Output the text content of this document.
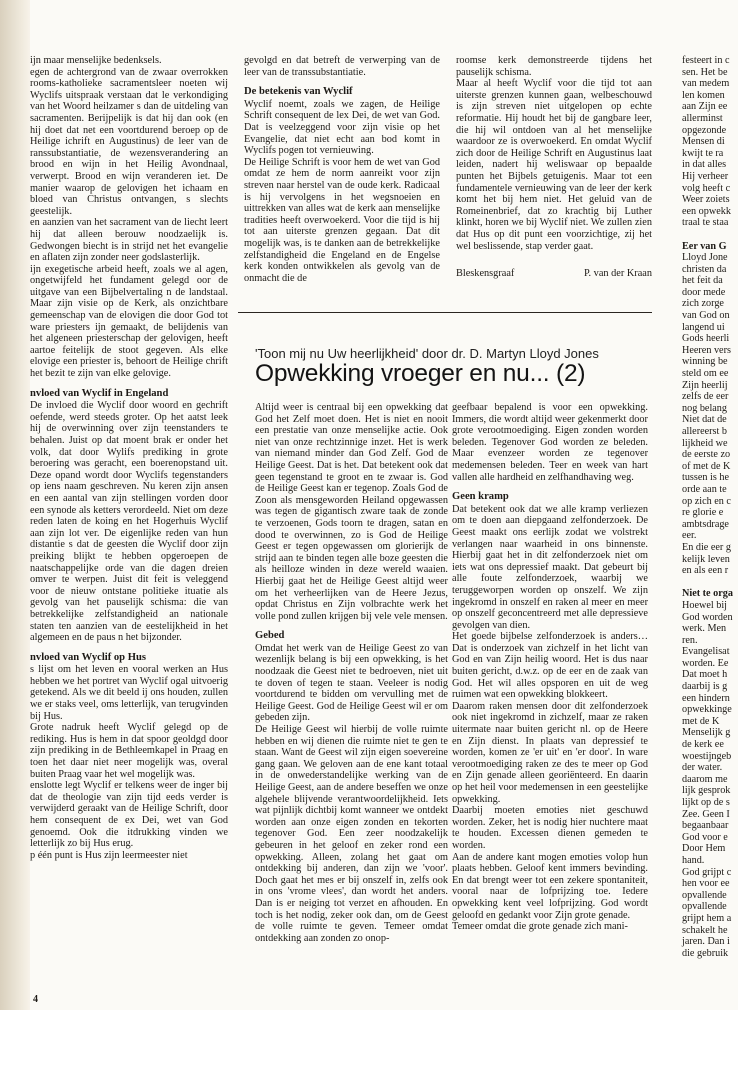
ijn maar menselijke bedenksels.

egen de achtergrond van de zwaar overrokken rooms-katholieke sacramentsleer noeten wij Wyclifs uitspraak verstaan dat le verkondiging van het Woord heilzamer s dan de uitdeling van sacramenten. Berijpelijk is dat hij dan ook (en hij doet dat net een voortdurend beroep op de Heilige ichrift en Augustinus) de leer van de ranssubstantiatie, de wezensverandering an brood en wijn in het Heilig Avondnaal, verwerpt. Brood en wijn veranderen iet. De manier waarop de gelovigen het ichaam en bloed van Christus ontvangen, s slechts geestelijk.

en aanzien van het sacrament van de liecht leert hij dat alleen berouw noodzaelijk is. Gedwongen biecht is in strijd net het evangelie en aflaten zijn zonder neer godslasterlijk.

ijn exegetische arbeid heeft, zoals we al agen, ongetwijfeld het fundament gelegd oor de uitgave van een Bijbelvertaling n de landstaal. Maar zijn visie op de Kerk, als onzichtbare gemeenschap van de elovigen die door God tot ware priesters ijn gemaakt, de belijdenis van het algeneen priesterschap der gelovigen, heeft aartoe feitelijk de stoot gegeven. Als elke elovige een priester is, behoort de Heilige chrift het bezit te zijn van elke gelovige.

nvloed van Wyclif in Engeland

De invloed die Wyclif door woord en gechrift oefende, werd steeds groter. Op het aatst leek hij de overwinning over zijn teenstanders te behalen. Juist op dat moent brak er onder het volk, dat door Wylifs prediking in grote beroering was geracht, een boerenopstand uit. Deze opand wordt door Wyclifs tegenstanders op iens naam geschreven. Nu keren zijn ansen en een aantal van zijn stellingen vorden door een synode als ketters verordeeld. Niet om deze reden laten de koing en het Hogerhuis Wyclif aan zijn lot ver. De eigenlijke reden van hun distantie s dat de geesten die Wyclif door zijn preiking blijkt te hebben opgeroepen de naatschappelijke orde van die dagen dreien omver te werpen. Juist dit feit is veleggend voor de nieuw ontstane politieke ituatie als gevolg van het pauselijk schisma: die van betrekkelijke zelfstandigheid an nationale staten ten aanzien van de eestelijkheid in het algemeen en de paus n het bijzonder.

nvloed van Wyclif op Hus

s lijst om het leven en vooral werken an Hus hebben we het portret van Wyclif ogal uitvoerig getekend. Als we dit beeld ij ons houden, zullen we er staks veel, oms letterlijk, van terugvinden bij Hus.

Grote nadruk heeft Wyclif gelegd op de rediking. Hus is hem in dat spoor geoldgd door zijn prediking in de Bethleemkapel in Praag en toen het daar niet neer mogelijk was, overal buiten Praag vaar het wel mogelijk was.

enslotte legt Wyclif er telkens weer de inger bij dat de theologie van zijn tijd eeds verder is verwijderd geraakt van de Heilige Schrift, door hem consequent de ex Dei, wet van God genoemd. Ook die itdrukking vinden we letterlijk zo bij Hus erug.

p één punt is Hus zijn leermeester niet

gevolgd en dat betreft de verwerping van de leer van de transsubstantiatie.

De betekenis van Wyclif

Wyclif noemt, zoals we zagen, de Heilige Schrift consequent de lex Dei, de wet van God. Dat is veelzeggend voor zijn visie op het Evangelie, dat niet echt aan bod komt in Wyclifs pogen tot vernieuwing.

De Heilige Schrift is voor hem de wet van God omdat ze hem de norm aanreikt voor zijn streven naar herstel van de oude kerk. Radicaal is hij vervolgens in het wegsnoeien en uittrekken van alles wat de kerk aan menselijke tradities heeft overwoekerd. Voor die tijd is hij tot aan uiterste grenzen gegaan. Dat dit mogelijk was, is te danken aan de betrekkelijke zelfstandigheid die Engeland en de Engelse kerk konden ontwikkelen als gevolg van de onmacht die de

roomse kerk demonstreerde tijdens het pauselijk schisma.

Maar al heeft Wyclif voor die tijd tot aan uiterste grenzen kunnen gaan, welbeschouwd is zijn streven niet uitgelopen op echte reformatie. Hij houdt het bij de gangbare leer, die hij wil ontdoen van al het menselijke waardoor ze is overwoekerd. En omdat Wyclif zich door de Heilige Schrift en Augustinus laat leiden, nadert hij weliswaar op bepaalde punten het Bijbels getuigenis. Maar tot een fundamentele vernieuwing van de leer der kerk komt het bij hem niet. Het geluid van de Romeinenbrief, dat zo krachtig bij Luther klinkt, horen we bij Wyclif niet. We zullen zien dat Hus op dit punt een voorzichtige, zij het wel beslissende, stap verder gaat.

Bleskensgraaf	P. van der Kraan
'Toon mij nu Uw heerlijkheid' door dr. D. Martyn Lloyd Jones
Opwekking vroeger en nu... (2)

Altijd weer is centraal bij een opwekking dat God het Zelf moet doen. Het is niet en nooit een prestatie van onze menselijke actie. Ook niet van onze rechtzinnige inzet. Het is werk van niemand minder dan God Zelf. God de Heilige Geest. Dat is het. Dat betekent ook dat geen tegenstand te groot en te zwaar is. God de Heilige Geest kan er tegenop. Zoals God de Zoon als mensgeworden Heiland opgewassen was tegen de gigantisch zware taak de zonde te verzoenen, Gods toorn te dragen, satan en dood te overwinnen, zo is God de Heilige Geest er tegen opgewassen om glorierijk de strijd aan te binden tegen alle boze geesten die als heilloze winden in deze wereld waaien. Hierbij gaat het de Heilige Geest altijd weer om het verheerlijken van de Heere Jezus, opdat Christus en Zijn volbrachte werk het volle pond zullen krijgen bij vele vele mensen.

Gebed

Omdat het werk van de Heilige Geest zo van wezenlijk belang is bij een opwekking, is het noodzaak die Geest niet te bedroeven, niet uit te doven of tegen te staan. Veeleer is nodig voortdurend te bidden om vervulling met de Heilige Geest. God de Heilige Geest wil er om gebeden zijn.

De Heilige Geest wil hierbij de volle ruimte hebben en wij dienen die ruimte niet te gen te staan. Want de Geest wil zijn eigen soevereine gang gaan. We geloven aan de ene kant totaal in de onwederstandelijke werking van de Heilige Geest, aan de andere beseffen we onze algehele blijvende verantwoordelijkheid. Iets wat pijnlijk dichtbij komt wanneer we ontdekt worden aan onze eigen zonden en tekorten tegenover God. Een zeer noodzakelijk gebeuren in het geloof en zeker rond een opwekking. Alleen, zolang het gaat om ontdekking bij anderen, dan zijn we 'voor'. Doch gaat het mes er bij onszelf in, zelfs ook in ons 'vrome vlees', dan wordt het anders. Dan is er neiging tot verzet en afhouden. En toch is het nodig, zeker ook dan, om de Geest de volle ruimte te geven. Temeer omdat ontdekking aan zonden zo onop-

geefbaar bepalend is voor een opwekking. Immers, die wordt altijd weer gekenmerkt door grote verootmoediging. Eigen zonden worden beleden. Tegenover God worden ze beleden. Maar evenzeer worden ze tegenover medemensen beleden. Teer en week van hart vallen alle hardheid en zelfhandhaving weg.

Geen kramp

Dat betekent ook dat we alle kramp verliezen om te doen aan diepgaand zelfonderzoek. De Geest maakt ons eerlijk zodat we volstrekt verlangen naar waarheid in ons binnenste. Hierbij gaat het in dit zelfonderzoek niet om iets wat ons depressief maakt. Dat gebeurt bij alle foute zelfonderzoek, waarbij we teruggeworpen worden op onszelf. We zijn ingekromd in onszelf en raken al meer en meer op onszelf geconcentreerd met alle depressieve gevolgen van dien.

Het goede bijbelse zelfonderzoek is anders… Dat is onderzoek van zichzelf in het licht van God en van Zijn heilig woord. Het is dus naar buiten gericht, d.w.z. op de eer en de zaak van God. Het wil alles opsporen en uit de weg ruimen wat een opwekking blokkeert.

Daarom raken mensen door dit zelfonderzoek ook niet ingekromd in zichzelf, maar ze raken uitermate naar buiten gericht nl. op de Heere en Zijn dienst. In plaats van depressief te worden, komen ze 'er uit' en 'er door'. In ware verootmoediging raken ze des te meer op God en Zijn genade alleen georiënteerd. En daarin op het heil voor medemensen in een geestelijke opwekking.

Daarbij moeten emoties niet geschuwd worden. Zeker, het is nodig hier nuchtere maat te houden. Excessen dienen gemeden te worden.

Aan de andere kant mogen emoties volop hun plaats hebben. Geloof kent immers bevinding. En dat brengt weer tot een zekere spontaniteit, vooral naar de lofprijzing toe. Iedere opwekking kent veel lofprijzing. God wordt geloofd en gedankt voor Zijn grote genade.

Temeer omdat die grote genade zich mani-

festeert in c
sen. Het be
van medem
len komen
aan Zijn ee
allerminst
opgezonde
Mensen di
kwijt te ra
in dat alles
Hij verheer
volg heeft c
Weer zoiets
een opwekk
traal te staa

Eer van G
Lloyd Jone
christen da
het feit da
door mede
zich zorge
van God on
langend ui
Gods heerli
Heeren vers
winning be
steld om ee
Zijn heerlij
zelfs de eer
nog belang
Niet dat de
allereerst b
lijkheid we
de eerste zo
of met de K
tussen is he
orde aan te
op zich en c
re glorie e
ambtsdrage
eer.
En die eer g
kelijk leven
en als een r

Niet te orga
Hoewel bij
God worden
werk. Men
ren.
Evangelisat
worden. Ee
Dat moet h
daarbij is g
een hindern
opwekkinge
met de K
Menselijk g
de kerk ee
woestijngeb
der water.
daarom me
lijk gesprok
lijkt op de s
Zee. Geen I
begaanbaar
God voor e
Door Hem
hand.
God grijpt c
hen voor ee
opvallende
opvallende
grijpt hem a
schakelt he
jaren. Dan i
die gebruik
4
